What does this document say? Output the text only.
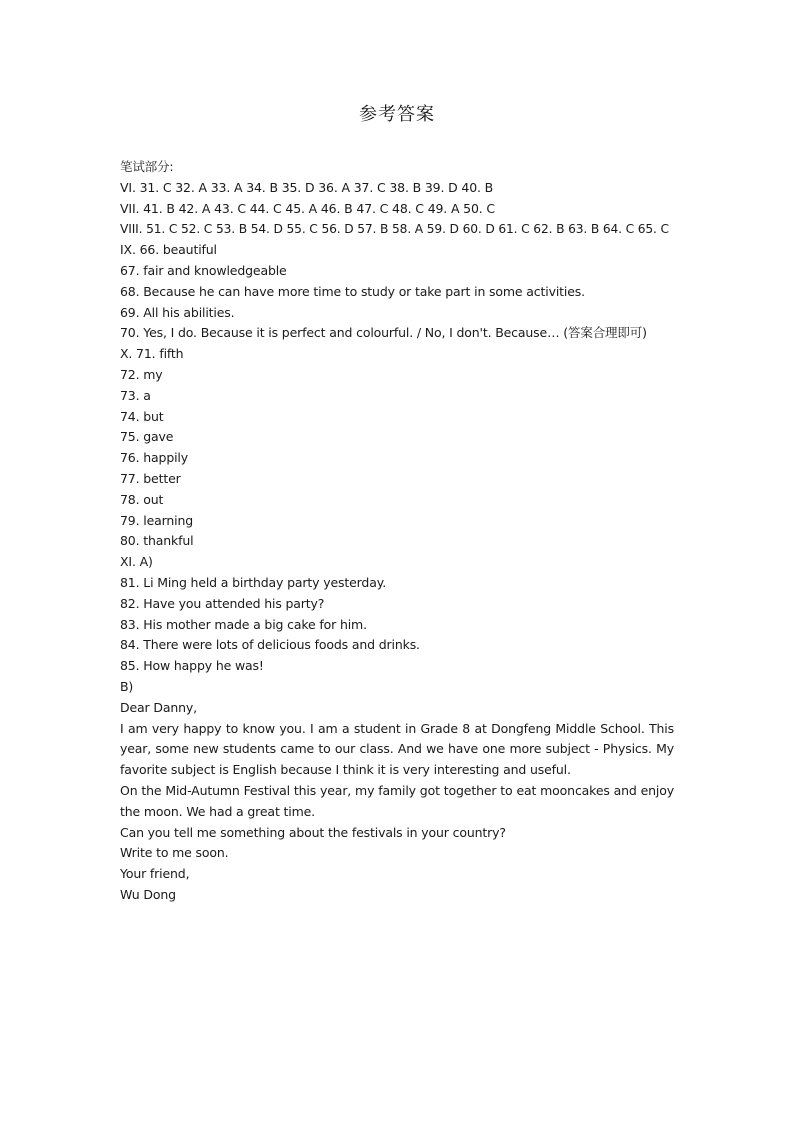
参考答案
笔试部分:
VI. 31. C 32. A 33. A 34. B 35. D 36. A 37. C 38. B 39. D 40. B
VII. 41. B 42. A 43. C 44. C 45. A 46. B 47. C 48. C 49. A 50. C
VIII. 51. C 52. C 53. B 54. D 55. C 56. D 57. B 58. A 59. D 60. D 61. C 62. B 63. B 64. C 65. C
IX. 66. beautiful
67. fair and knowledgeable
68. Because he can have more time to study or take part in some activities.
69. All his abilities.
70. Yes, I do. Because it is perfect and colourful. / No, I don't. Because… (答案合理即可)
X. 71. fifth
72. my
73. a
74. but
75. gave
76. happily
77. better
78. out
79. learning
80. thankful
XI. A)
81. Li Ming held a birthday party yesterday.
82. Have you attended his party?
83. His mother made a big cake for him.
84. There were lots of delicious foods and drinks.
85. How happy he was!
B)
Dear Danny,
I am very happy to know you. I am a student in Grade 8 at Dongfeng Middle School. This year, some new students came to our class. And we have one more subject - Physics. My favorite subject is English because I think it is very interesting and useful.
On the Mid-Autumn Festival this year, my family got together to eat mooncakes and enjoy the moon. We had a great time.
Can you tell me something about the festivals in your country?
Write to me soon.
Your friend,
Wu Dong
